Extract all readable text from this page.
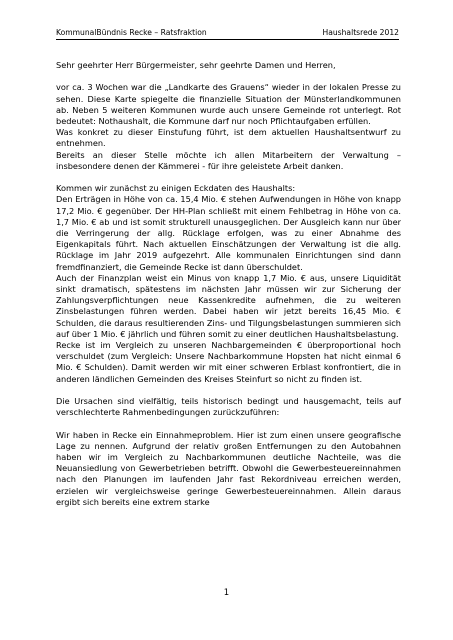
KommunalBündnis Recke – Ratsfraktion	Haushaltsrede 2012

Sehr geehrter Herr Bürgermeister, sehr geehrte Damen und Herren,

vor ca. 3 Wochen war die „Landkarte des Grauens“ wieder in der lokalen Presse zu sehen. Diese Karte spiegelte die finanzielle Situation der Münsterlandkommunen ab. Neben 5 weiteren Kommunen wurde auch unsere Gemeinde rot unterlegt. Rot bedeutet: Nothaushalt, die Kommune darf nur noch Pflichtaufgaben erfüllen.

Was konkret zu dieser Einstufung führt, ist dem aktuellen Haushaltsentwurf zu entnehmen.

Bereits an dieser Stelle möchte ich allen Mitarbeitern der Verwaltung – insbesondere denen der Kämmerei - für ihre geleistete Arbeit danken.

Kommen wir zunächst zu einigen Eckdaten des Haushalts:

Den Erträgen in Höhe von ca. 15,4 Mio. € stehen Aufwendungen in Höhe von knapp 17,2 Mio. € gegenüber. Der HH-Plan schließt mit einem Fehlbetrag in Höhe von ca. 1,7 Mio. € ab und ist somit strukturell unausgeglichen. Der Ausgleich kann nur über die Verringerung der allg. Rücklage erfolgen, was zu einer Abnahme des Eigenkapitals führt. Nach aktuellen Einschätzungen der Verwaltung ist die allg. Rücklage im Jahr 2019 aufgezehrt. Alle kommunalen Einrichtungen sind dann fremdfinanziert, die Gemeinde Recke ist dann überschuldet.

Auch der Finanzplan weist ein Minus von knapp 1,7 Mio. € aus, unsere Liquidität sinkt dramatisch, spätestens im nächsten Jahr müssen wir zur Sicherung der Zahlungsverpflichtungen neue Kassenkredite aufnehmen, die zu weiteren Zinsbelastungen führen werden. Dabei haben wir jetzt bereits 16,45 Mio. € Schulden, die daraus resultierenden Zins- und Tilgungsbelastungen summieren sich auf über 1 Mio. € jährlich und führen somit zu einer deutlichen Haushaltsbelastung.

Recke ist im Vergleich zu unseren Nachbargemeinden € überproportional hoch verschuldet (zum Vergleich: Unsere Nachbarkommune Hopsten hat nicht einmal 6 Mio. € Schulden). Damit werden wir mit einer schweren Erblast konfrontiert, die in anderen ländlichen Gemeinden des Kreises Steinfurt so nicht zu finden ist.

Die Ursachen sind vielfältig, teils historisch bedingt und hausgemacht, teils auf verschlechterte Rahmenbedingungen zurückzuführen:

Wir haben in Recke ein Einnahmeproblem. Hier ist zum einen unsere geografische Lage zu nennen. Aufgrund der relativ großen Entfernungen zu den Autobahnen haben wir im Vergleich zu Nachbarkommunen deutliche Nachteile, was die Neuansiedlung von Gewerbetrieben betrifft. Obwohl die Gewerbesteuereinnahmen nach den Planungen im laufenden Jahr fast Rekordniveau erreichen werden, erzielen wir vergleichsweise geringe Gewerbesteuereinnahmen. Allein daraus ergibt sich bereits eine extrem starke

1
